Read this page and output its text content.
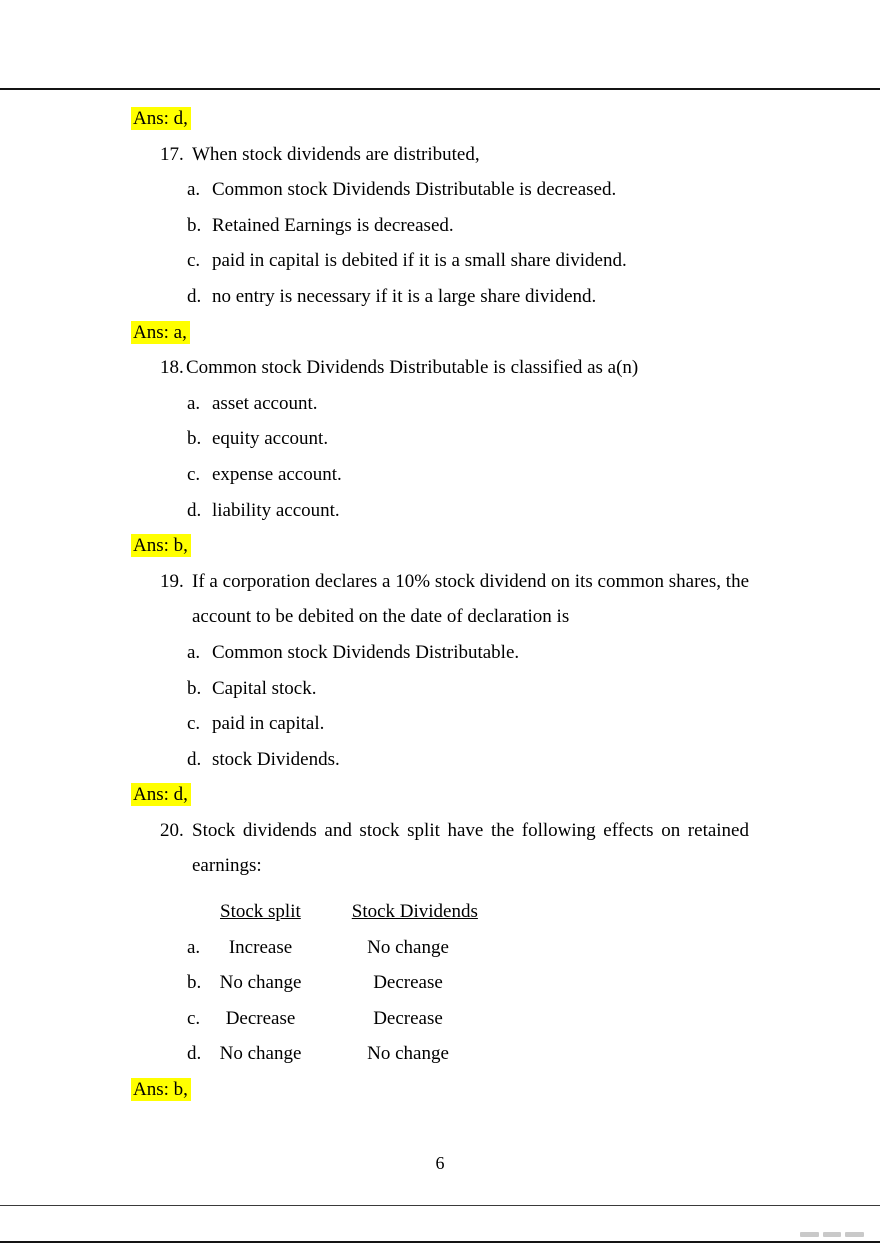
Ans: d,
17. When stock dividends are distributed,
a. Common stock Dividends Distributable is decreased.
b. Retained Earnings is decreased.
c. paid in capital is debited if it is a small share dividend.
d. no entry is necessary if it is a large share dividend.
Ans: a,
18. Common stock Dividends Distributable is classified as a(n)
a. asset account.
b. equity account.
c. expense account.
d. liability account.
Ans: b,
19. If a corporation declares a 10% stock dividend on its common shares, the account to be debited on the date of declaration is
a. Common stock Dividends Distributable.
b. Capital stock.
c. paid in capital.
d. stock Dividends.
Ans: d,
20. Stock dividends and stock split have the following effects on retained earnings:
Stock split	Stock Dividends
a.	Increase	No change
b. No change	Decrease
c.	Decrease	Decrease
d. No change	No change
Ans: b,
6
